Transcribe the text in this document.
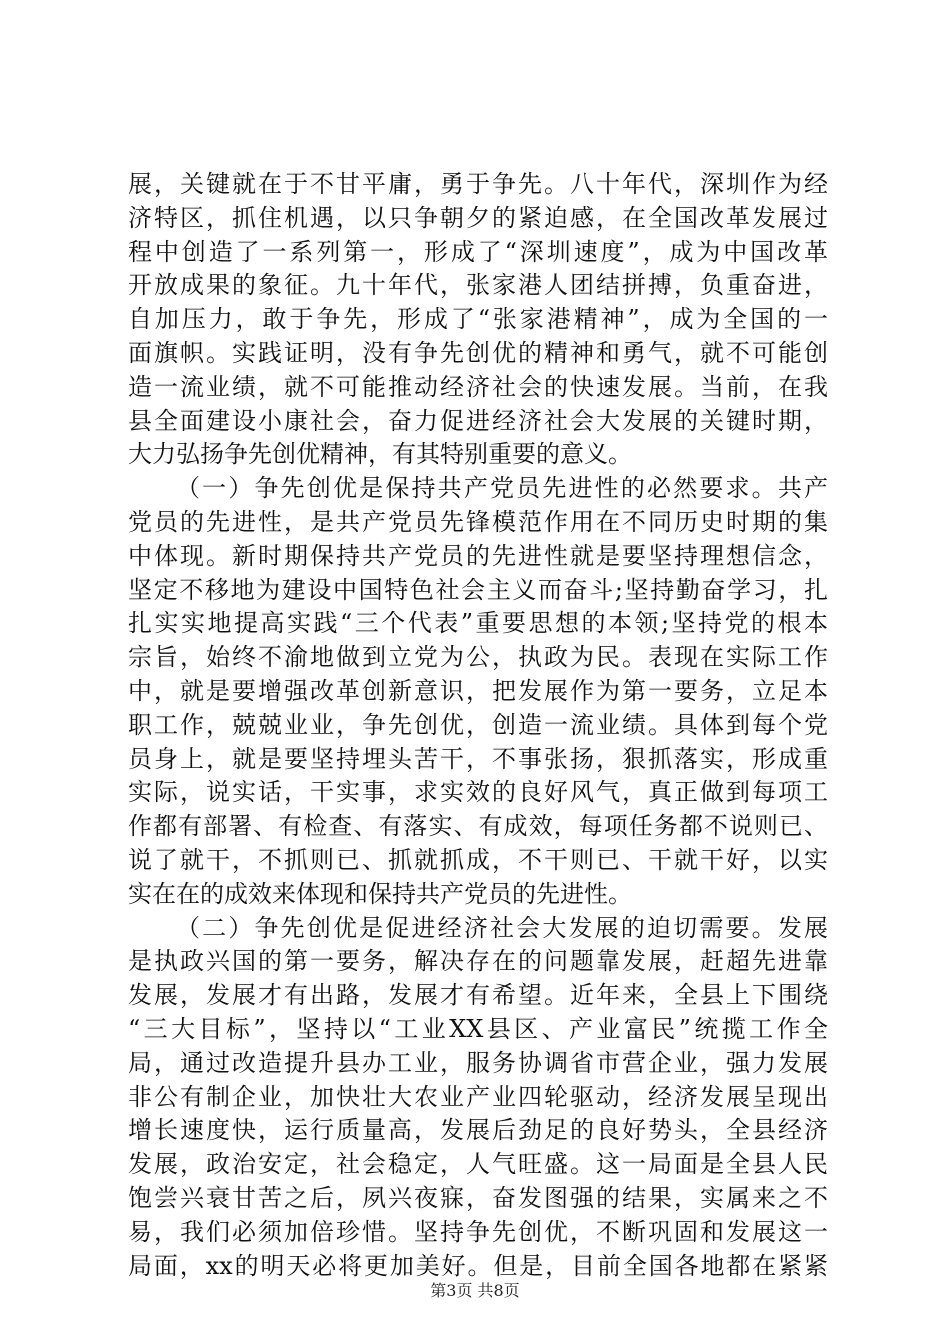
展，关键就在于不甘平庸，勇于争先。八十年代，深圳作为经
济特区，抓住机遇，以只争朝夕的紧迫感，在全国改革发展过
程中创造了一系列第一，形成了“深圳速度”，成为中国改革
开放成果的象征。九十年代，张家港人团结拼搏，负重奋进，
自加压力，敢于争先，形成了“张家港精神”，成为全国的一
面旗帜。实践证明，没有争先创优的精神和勇气，就不可能创
造一流业绩，就不可能推动经济社会的快速发展。当前，在我
县全面建设小康社会，奋力促进经济社会大发展的关键时期，
大力弘扬争先创优精神，有其特别重要的意义。
（一）争先创优是保持共产党员先进性的必然要求。共产
党员的先进性，是共产党员先锋模范作用在不同历史时期的集
中体现。新时期保持共产党员的先进性就是要坚持理想信念，
坚定不移地为建设中国特色社会主义而奋斗;坚持勤奋学习，扎
扎实实地提高实践“三个代表”重要思想的本领;坚持党的根本
宗旨，始终不渝地做到立党为公，执政为民。表现在实际工作
中，就是要增强改革创新意识，把发展作为第一要务，立足本
职工作，兢兢业业，争先创优，创造一流业绩。具体到每个党
员身上，就是要坚持埋头苦干，不事张扬，狠抓落实，形成重
实际，说实话，干实事，求实效的良好风气，真正做到每项工
作都有部署、有检查、有落实、有成效，每项任务都不说则已、
说了就干，不抓则已、抓就抓成，不干则已、干就干好，以实
实在在的成效来体现和保持共产党员的先进性。
（二）争先创优是促进经济社会大发展的迫切需要。发展
是执政兴国的第一要务，解决存在的问题靠发展，赶超先进靠
发展，发展才有出路，发展才有希望。近年来，全县上下围绕
“三大目标”，坚持以“工业XX县区、产业富民”统揽工作全
局，通过改造提升县办工业，服务协调省市营企业，强力发展
非公有制企业，加快壮大农业产业四轮驱动，经济发展呈现出
增长速度快，运行质量高，发展后劲足的良好势头，全县经济
发展，政治安定，社会稳定，人气旺盛。这一局面是全县人民
饱尝兴衰甘苦之后，夙兴夜寐，奋发图强的结果，实属来之不
易，我们必须加倍珍惜。坚持争先创优，不断巩固和发展这一
局面，xx的明天必将更加美好。但是，目前全国各地都在紧紧
第3页 共8页
